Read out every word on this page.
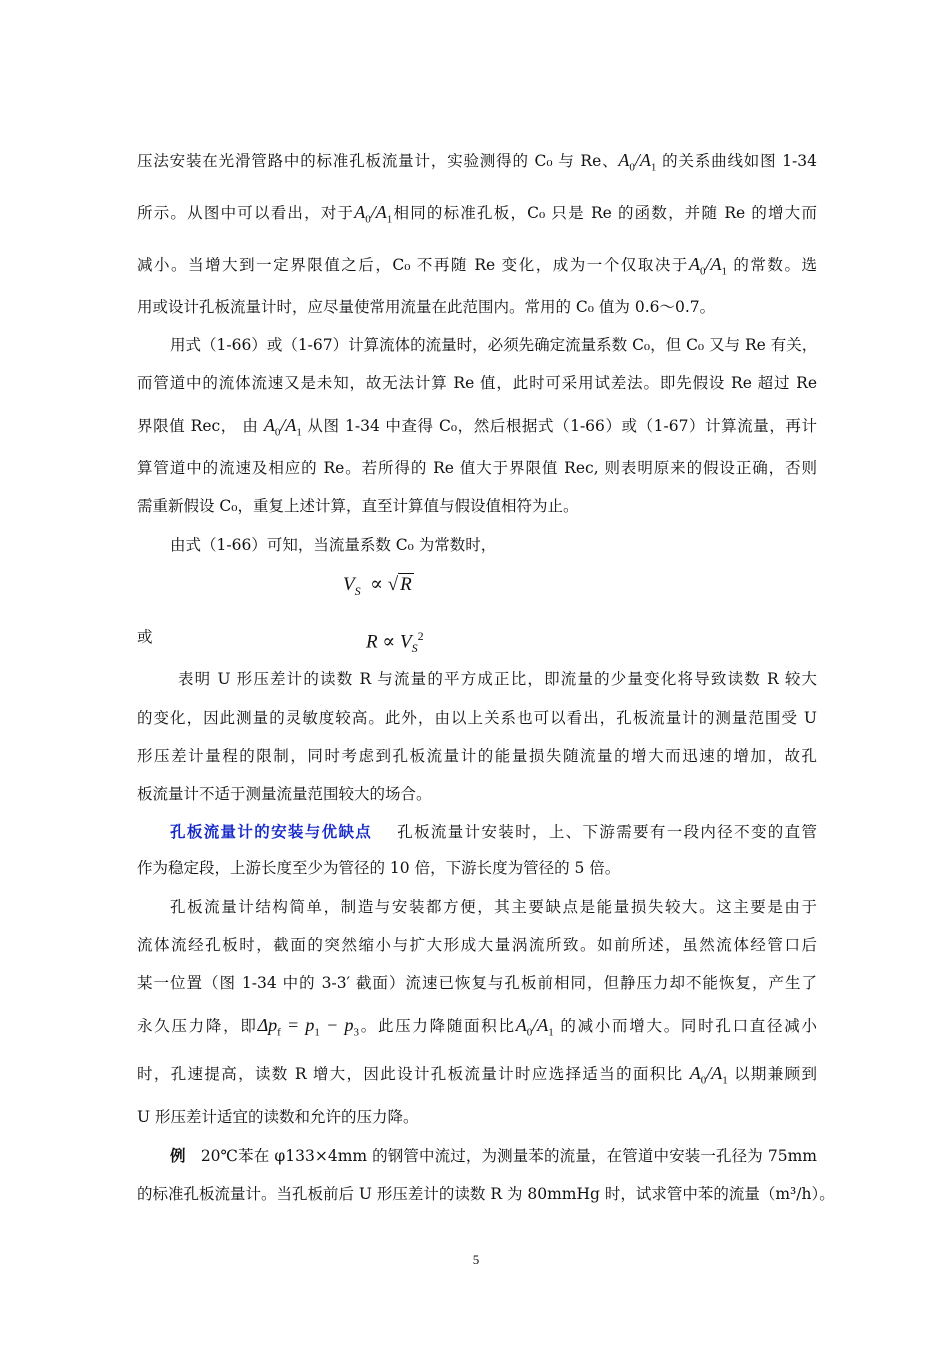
压法安装在光滑管路中的标准孔板流量计，实验测得的 C₀ 与 Re、$A_0/A_1$ 的关系曲线如图 1-34
所示。从图中可以看出，对于$A_0/A_1$相同的标准孔板，C₀ 只是 Re 的函数，并随 Re 的增大而
减小。当增大到一定界限值之后，C₀ 不再随 Re 变化，成为一个仅取决于$A_0/A_1$ 的常数。选
用或设计孔板流量计时，应尽量使常用流量在此范围内。常用的 C₀ 值为 0.6～0.7。
用式（1-66）或（1-67）计算流体的流量时，必须先确定流量系数 C₀，但 C₀ 又与 Re 有关，
而管道中的流体流速又是未知，故无法计算 Re 值，此时可采用试差法。即先假设 Re 超过 Re
界限值 Rec， 由 $A_0/A_1$ 从图 1-34 中查得 C₀，然后根据式（1-66）或（1-67）计算流量，再计
算管道中的流速及相应的 Re。若所得的 Re 值大于界限值 Rec, 则表明原来的假设正确，否则
需重新假设 C₀，重复上述计算，直至计算值与假设值相符为止。
由式（1-66）可知，当流量系数 C₀ 为常数时，
$V_S$  ∝ √ R
或	$R \propto V_S^2$
表明 U 形压差计的读数 R 与流量的平方成正比，即流量的少量变化将导致读数 R 较大
的变化，因此测量的灵敏度较高。此外，由以上关系也可以看出，孔板流量计的测量范围受 U
形压差计量程的限制，同时考虑到孔板流量计的能量损失随流量的增大而迅速的增加，故孔
板流量计不适于测量流量范围较大的场合。
孔板流量计的安装与优缺点 孔板流量计安装时，上、下游需要有一段内径不变的直管
作为稳定段，上游长度至少为管径的 10 倍，下游长度为管径的 5 倍。
孔板流量计结构简单，制造与安装都方便，其主要缺点是能量损失较大。这主要是由于
流体流经孔板时，截面的突然缩小与扩大形成大量涡流所致。如前所述，虽然流体经管口后
某一位置（图 1-34 中的 3-3′ 截面）流速已恢复与孔板前相同，但静压力却不能恢复，产生了
永久压力降，即$\Delta p_f = p_1 - p_3$。此压力降随面积比$A_0/A_1$ 的减小而增大。同时孔口直径减小
时，孔速提高，读数 R 增大，因此设计孔板流量计时应选择适当的面积比 $A_0/A_1$ 以期兼顾到
U 形压差计适宜的读数和允许的压力降。
例 20℃苯在 φ133×4mm 的钢管中流过，为测量苯的流量，在管道中安装一孔径为 75mm
的标准孔板流量计。当孔板前后 U 形压差计的读数 R 为 80mmHg 时，试求管中苯的流量（m³/h）。
5
